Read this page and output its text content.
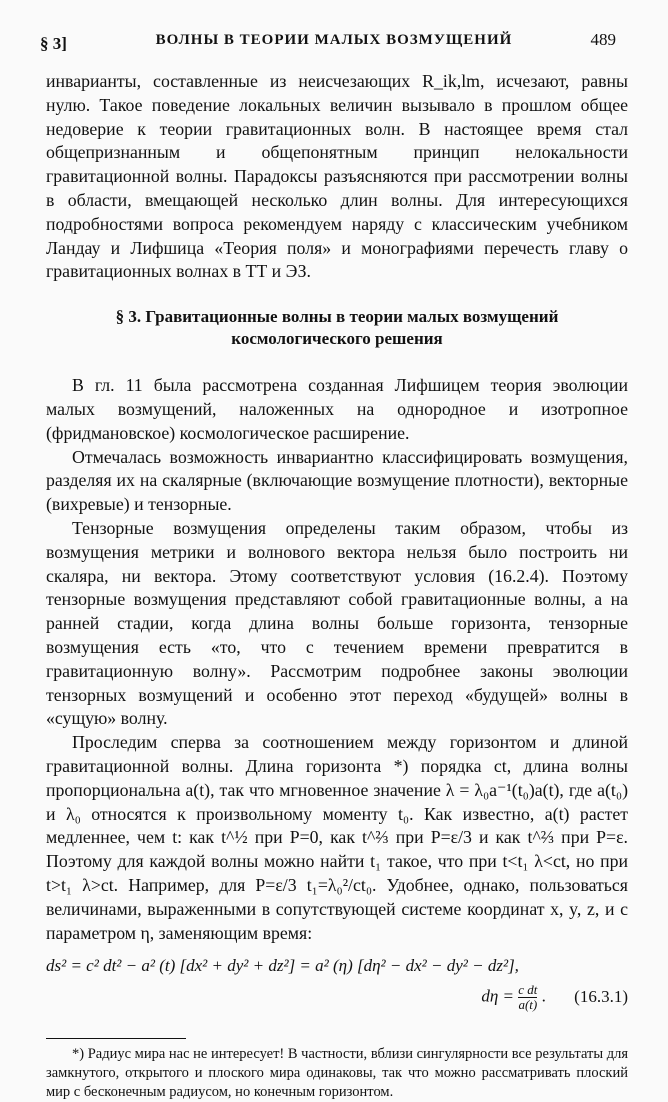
§ 3]	ВОЛНЫ В ТЕОРИИ МАЛЫХ ВОЗМУЩЕНИЙ	489

инварианты, составленные из неисчезающих R_ik,lm, исчезают, равны нулю. Такое поведение локальных величин вызывало в прошлом общее недоверие к теории гравитационных волн. В настоящее время стал общепризнанным и общепонятным принцип нелокальности гравитационной волны. Парадоксы разъясняются при рассмотрении волны в области, вмещающей несколько длин волны. Для интересующихся подробностями вопроса рекомендуем наряду с классическим учебником Ландау и Лифшица «Теория поля» и монографиями перечесть главу о гравитационных волнах в ТТ и ЭЗ.

§ 3. Гравитационные волны в теории малых возмущений космологического решения

В гл. 11 была рассмотрена созданная Лифшицем теория эволюции малых возмущений, наложенных на однородное и изотропное (фридмановское) космологическое расширение.

Отмечалась возможность инвариантно классифицировать возмущения, разделяя их на скалярные (включающие возмущение плотности), векторные (вихревые) и тензорные.

Тензорные возмущения определены таким образом, чтобы из возмущения метрики и волнового вектора нельзя было построить ни скаляра, ни вектора. Этому соответствуют условия (16.2.4). Поэтому тензорные возмущения представляют собой гравитационные волны, а на ранней стадии, когда длина волны больше горизонта, тензорные возмущения есть «то, что с течением времени превратится в гравитационную волну». Рассмотрим подробнее законы эволюции тензорных возмущений и особенно этот переход «будущей» волны в «сущую» волну.

Проследим сперва за соотношением между горизонтом и длиной гравитационной волны. Длина горизонта *) порядка ct, длина волны пропорциональна a(t), так что мгновенное значение λ = λ₀a⁻¹(t₀)a(t), где a(t₀) и λ₀ относятся к произвольному моменту t₀. Как известно, a(t) растет медленнее, чем t: как t^½ при P=0, как t^⅔ при P=ε/3 и как t^⅔ при P=ε. Поэтому для каждой волны можно найти t₁ такое, что при t<t₁ λ<ct, но при t>t₁ λ>ct. Например, для P=ε/3 t₁=λ₀²/ct₀. Удобнее, однако, пользоваться величинами, выраженными в сопутствующей системе координат x, y, z, и с параметром η, заменяющим время:

ds² = c² dt² − a² (t) [dx² + dy² + dz²] = a² (η) [dη² − dx² − dy² − dz²],
$d\eta = \frac{\text{c dt}}{a(t)}$ . (16.3.1)

*) Радиус мира нас не интересует! В частности, вблизи сингулярности все результаты для замкнутого, открытого и плоского мира одинаковы, так что можно рассматривать плоский мир с бесконечным радиусом, но конечным горизонтом.
